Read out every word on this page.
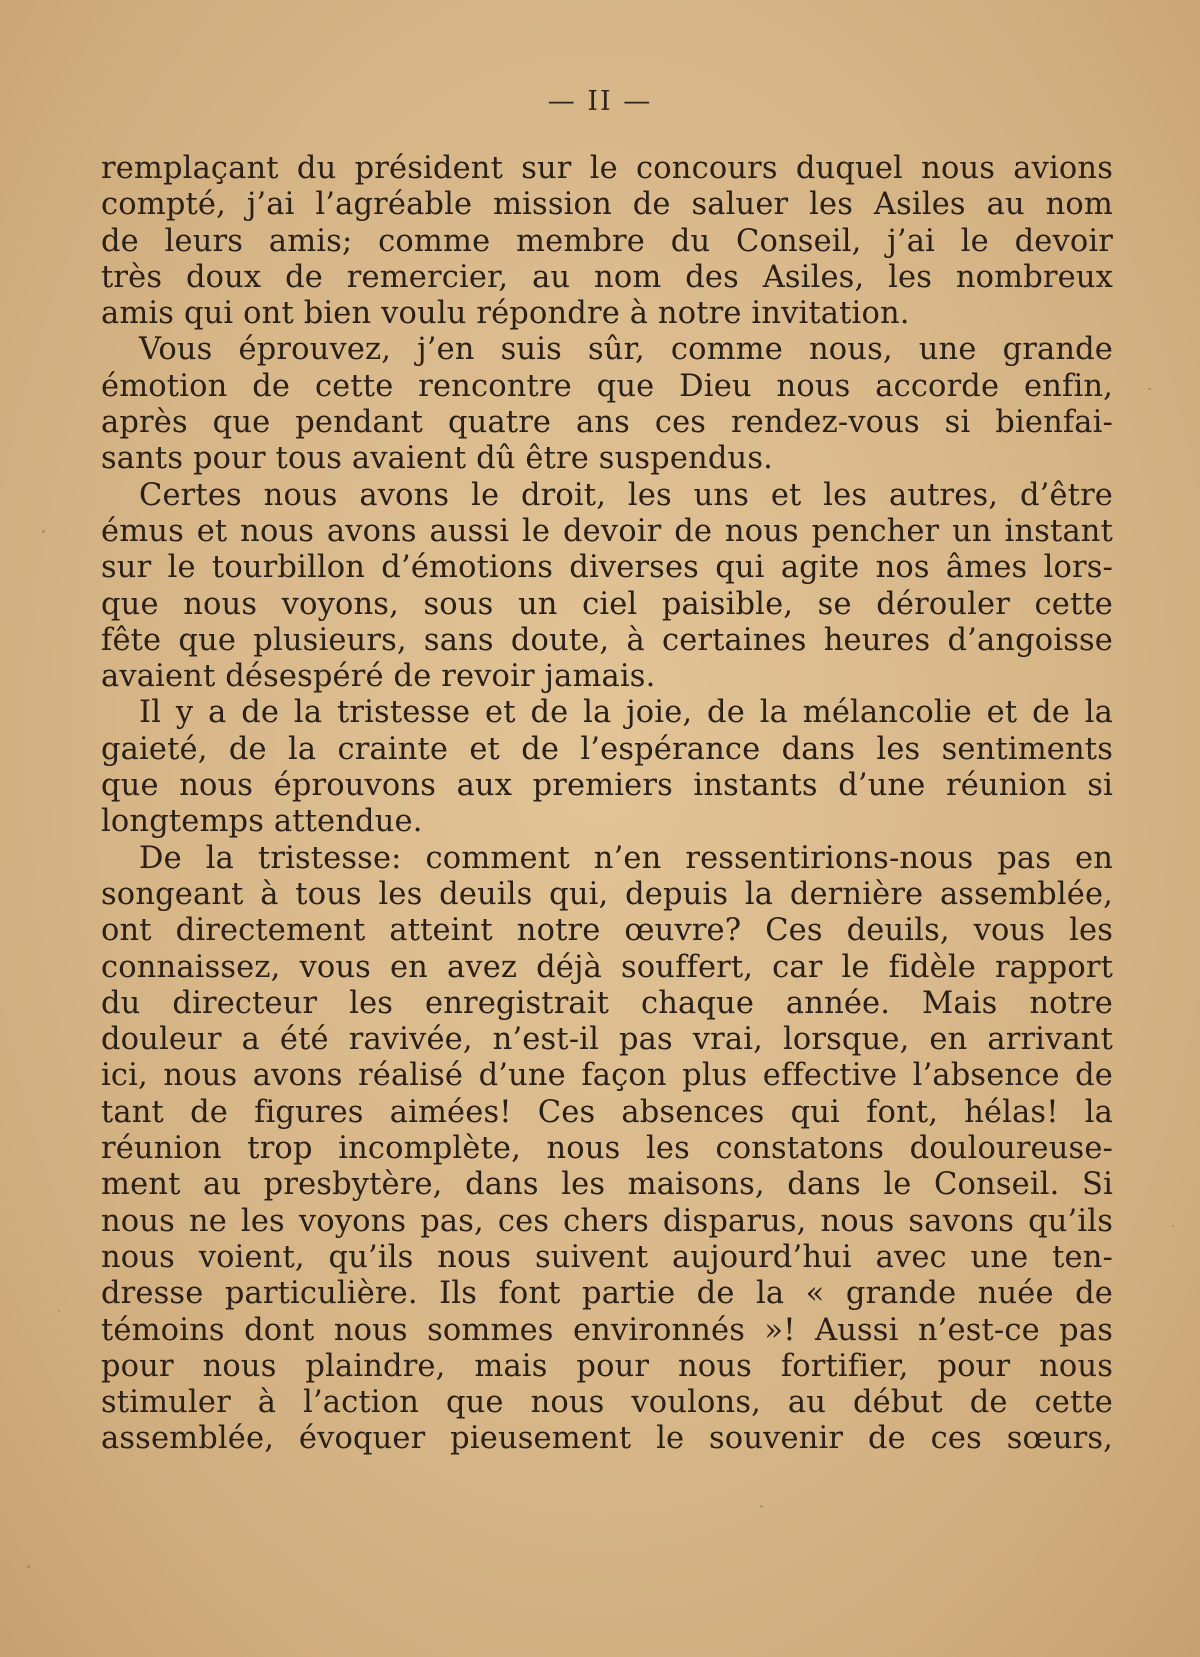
— II —
remplaçant du président sur le concours duquel nous avions
compté, j’ai l’agréable mission de saluer les Asiles au nom
de leurs amis; comme membre du Conseil, j’ai le devoir
très doux de remercier, au nom des Asiles, les nombreux
amis qui ont bien voulu répondre à notre invitation.
Vous éprouvez, j’en suis sûr, comme nous, une grande
émotion de cette rencontre que Dieu nous accorde enfin,
après que pendant quatre ans ces rendez-vous si bienfai-
sants pour tous avaient dû être suspendus.
Certes nous avons le droit, les uns et les autres, d’être
émus et nous avons aussi le devoir de nous pencher un instant
sur le tourbillon d’émotions diverses qui agite nos âmes lors-
que nous voyons, sous un ciel paisible, se dérouler cette
fête que plusieurs, sans doute, à certaines heures d’angoisse
avaient désespéré de revoir jamais.
Il y a de la tristesse et de la joie, de la mélancolie et de la
gaieté, de la crainte et de l’espérance dans les sentiments
que nous éprouvons aux premiers instants d’une réunion si
longtemps attendue.
De la tristesse: comment n’en ressentirions-nous pas en
songeant à tous les deuils qui, depuis la dernière assemblée,
ont directement atteint notre œuvre? Ces deuils, vous les
connaissez, vous en avez déjà souffert, car le fidèle rapport
du directeur les enregistrait chaque année. Mais notre
douleur a été ravivée, n’est-il pas vrai, lorsque, en arrivant
ici, nous avons réalisé d’une façon plus effective l’absence de
tant de figures aimées! Ces absences qui font, hélas! la
réunion trop incomplète, nous les constatons douloureuse-
ment au presbytère, dans les maisons, dans le Conseil. Si
nous ne les voyons pas, ces chers disparus, nous savons qu’ils
nous voient, qu’ils nous suivent aujourd’hui avec une ten-
dresse particulière. Ils font partie de la « grande nuée de
témoins dont nous sommes environnés »! Aussi n’est-ce pas
pour nous plaindre, mais pour nous fortifier, pour nous
stimuler à l’action que nous voulons, au début de cette
assemblée, évoquer pieusement le souvenir de ces sœurs,
